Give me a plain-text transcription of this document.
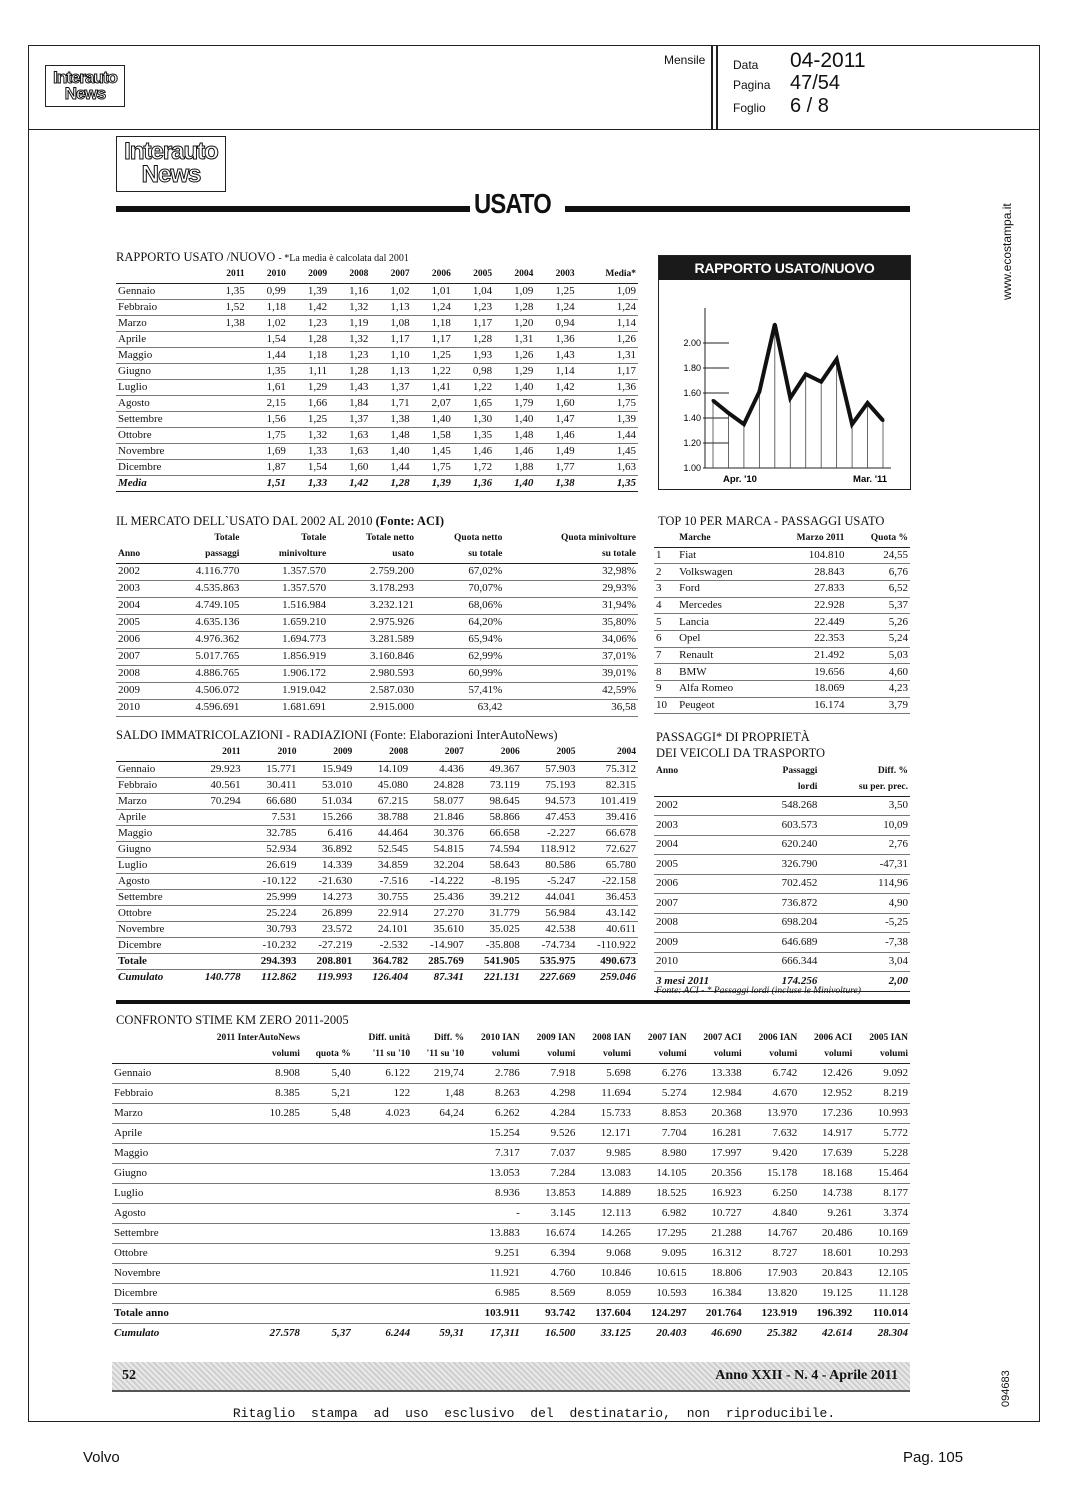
Interauto
News
Mensile Data 04-2011
Pagina 47/54
Foglio 6 / 8
www.ecostampa.it
094683
Interauto
News
USATO
RAPPORTO USATO /NUOVO - *La media è calcolata dal 2001
	2011	2010	2009	2008	2007	2006	2005	2004	2003	Media*
Gennaio	1,35	0,99	1,39	1,16	1,02	1,01	1,04	1,09	1,25	1,09
Febbraio	1,52	1,18	1,42	1,32	1,13	1,24	1,23	1,28	1,24	1,24
Marzo	1,38	1,02	1,23	1,19	1,08	1,18	1,17	1,20	0,94	1,14
Aprile		1,54	1,28	1,32	1,17	1,17	1,28	1,31	1,36	1,26
Maggio		1,44	1,18	1,23	1,10	1,25	1,93	1,26	1,43	1,31
Giugno		1,35	1,11	1,28	1,13	1,22	0,98	1,29	1,14	1,17
Luglio		1,61	1,29	1,43	1,37	1,41	1,22	1,40	1,42	1,36
Agosto		2,15	1,66	1,84	1,71	2,07	1,65	1,79	1,60	1,75
Settembre		1,56	1,25	1,37	1,38	1,40	1,30	1,40	1,47	1,39
Ottobre		1,75	1,32	1,63	1,48	1,58	1,35	1,48	1,46	1,44
Novembre		1,69	1,33	1,63	1,40	1,45	1,46	1,46	1,49	1,45
Dicembre		1,87	1,54	1,60	1,44	1,75	1,72	1,88	1,77	1,63
Media		1,51	1,33	1,42	1,28	1,39	1,36	1,40	1,38	1,35
RAPPORTO USATO/NUOVO
1.00
1.20
1.40
1.60
1.80
2.00
Apr. '10	Mar. '11
IL MERCATO DELL`USATO DAL 2002 AL 2010 (Fonte: ACI)
	Totale	Totale	Totale netto	Quota netto	Quota minivolture
Anno	passaggi	minivolture	usato	su totale	su totale
2002	4.116.770	1.357.570	2.759.200	67,02%	32,98%
2003	4.535.863	1.357.570	3.178.293	70,07%	29,93%
2004	4.749.105	1.516.984	3.232.121	68,06%	31,94%
2005	4.635.136	1.659.210	2.975.926	64,20%	35,80%
2006	4.976.362	1.694.773	3.281.589	65,94%	34,06%
2007	5.017.765	1.856.919	3.160.846	62,99%	37,01%
2008	4.886.765	1.906.172	2.980.593	60,99%	39,01%
2009	4.506.072	1.919.042	2.587.030	57,41%	42,59%
2010	4.596.691	1.681.691	2.915.000	63,42	36,58
TOP 10 PER MARCA - PASSAGGI USATO
	Marche	Marzo 2011	Quota %
1	Fiat	104.810	24,55
2	Volkswagen	28.843	6,76
3	Ford	27.833	6,52
4	Mercedes	22.928	5,37
5	Lancia	22.449	5,26
6	Opel	22.353	5,24
7	Renault	21.492	5,03
8	BMW	19.656	4,60
9	Alfa Romeo	18.069	4,23
10	Peugeot	16.174	3,79
SALDO IMMATRICOLAZIONI - RADIAZIONI (Fonte: Elaborazioni InterAutoNews)
	2011	2010	2009	2008	2007	2006	2005	2004
Gennaio	29.923	15.771	15.949	14.109	4.436	49.367	57.903	75.312
Febbraio	40.561	30.411	53.010	45.080	24.828	73.119	75.193	82.315
Marzo	70.294	66.680	51.034	67.215	58.077	98.645	94.573	101.419
Aprile		7.531	15.266	38.788	21.846	58.866	47.453	39.416
Maggio		32.785	6.416	44.464	30.376	66.658	-2.227	66.678
Giugno		52.934	36.892	52.545	54.815	74.594	118.912	72.627
Luglio		26.619	14.339	34.859	32.204	58.643	80.586	65.780
Agosto		-10.122	-21.630	-7.516	-14.222	-8.195	-5.247	-22.158
Settembre		25.999	14.273	30.755	25.436	39.212	44.041	36.453
Ottobre		25.224	26.899	22.914	27.270	31.779	56.984	43.142
Novembre		30.793	23.572	24.101	35.610	35.025	42.538	40.611
Dicembre		-10.232	-27.219	-2.532	-14.907	-35.808	-74.734	-110.922
Totale		294.393	208.801	364.782	285.769	541.905	535.975	490.673
Cumulato	140.778	112.862	119.993	126.404	87.341	221.131	227.669	259.046
PASSAGGI* DI PROPRIETÀ
DEI VEICOLI DA TRASPORTO
Anno	Passaggi	Diff. %
	lordi	su per. prec.
2002	548.268	3,50
2003	603.573	10,09
2004	620.240	2,76
2005	326.790	-47,31
2006	702.452	114,96
2007	736.872	4,90
2008	698.204	-5,25
2009	646.689	-7,38
2010	666.344	3,04
3 mesi 2011	174.256	2,00
Fonte: ACI - * Passaggi lordi (incluse le Minivolture)
CONFRONTO STIME KM ZERO 2011-2005
	2011 InterAutoNews		Diff. unità	Diff. %	2010 IAN	2009 IAN	2008 IAN	2007 IAN	2007 ACI	2006 IAN	2006 ACI	2005 IAN
	volumi	quota %	'11 su '10	'11 su '10	volumi	volumi	volumi	volumi	volumi	volumi	volumi	volumi
Gennaio	8.908	5,40	6.122	219,74	2.786	7.918	5.698	6.276	13.338	6.742	12.426	9.092
Febbraio	8.385	5,21	122	1,48	8.263	4.298	11.694	5.274	12.984	4.670	12.952	8.219
Marzo	10.285	5,48	4.023	64,24	6.262	4.284	15.733	8.853	20.368	13.970	17.236	10.993
Aprile					15.254	9.526	12.171	7.704	16.281	7.632	14.917	5.772
Maggio					7.317	7.037	9.985	8.980	17.997	9.420	17.639	5.228
Giugno					13.053	7.284	13.083	14.105	20.356	15.178	18.168	15.464
Luglio					8.936	13.853	14.889	18.525	16.923	6.250	14.738	8.177
Agosto					-	3.145	12.113	6.982	10.727	4.840	9.261	3.374
Settembre					13.883	16.674	14.265	17.295	21.288	14.767	20.486	10.169
Ottobre					9.251	6.394	9.068	9.095	16.312	8.727	18.601	10.293
Novembre					11.921	4.760	10.846	10.615	18.806	17.903	20.843	12.105
Dicembre					6.985	8.569	8.059	10.593	16.384	13.820	19.125	11.128
Totale anno					103.911	93.742	137.604	124.297	201.764	123.919	196.392	110.014
Cumulato	27.578	5,37	6.244	59,31	17,311	16.500	33.125	20.403	46.690	25.382	42.614	28.304
52	Anno XXII - N. 4 - Aprile 2011
Ritaglio stampa ad uso esclusivo del destinatario, non riproducibile.
Volvo	Pag. 105
